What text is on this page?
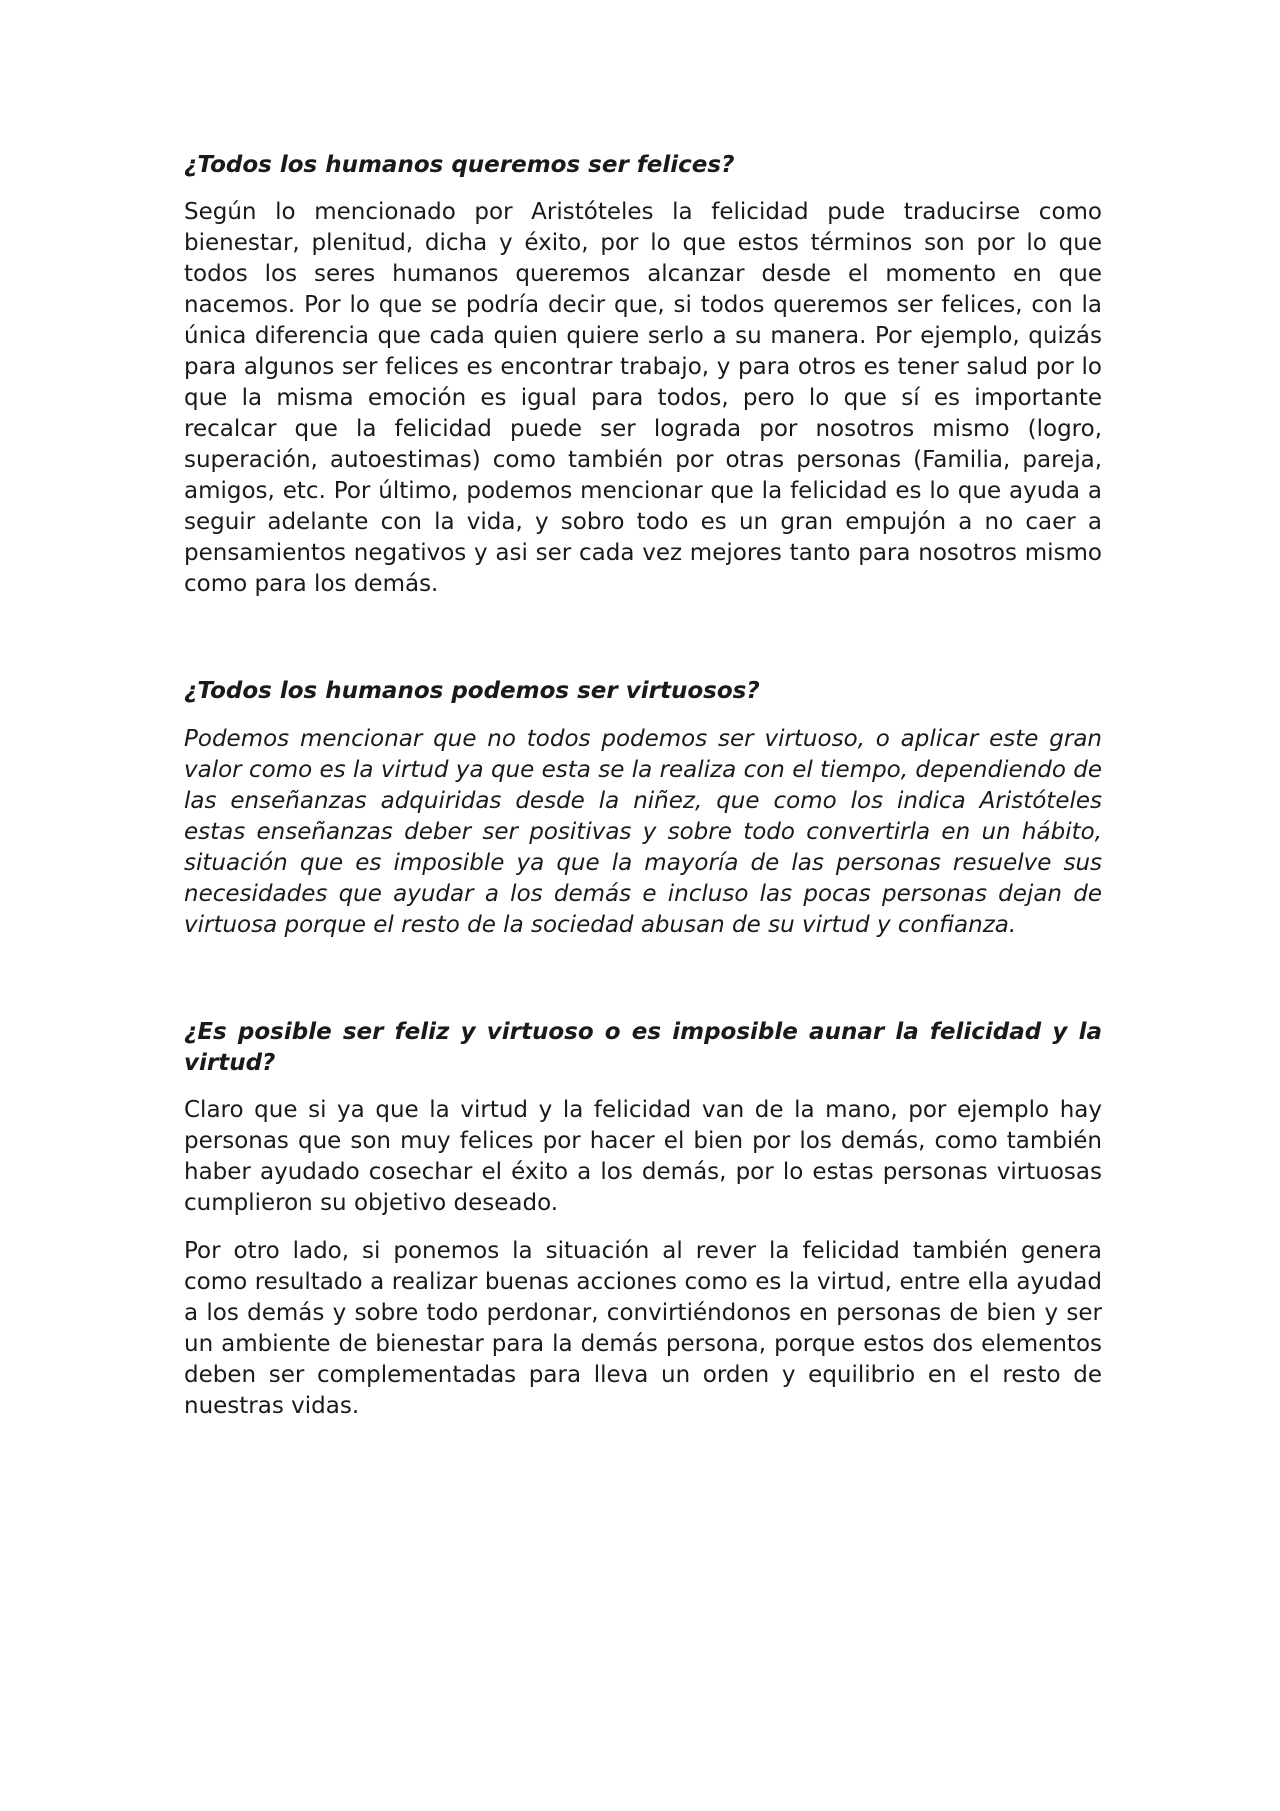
¿Todos los humanos queremos ser felices?

Según lo mencionado por Aristóteles la felicidad pude traducirse como bienestar, plenitud, dicha y éxito, por lo que estos términos son por lo que todos los seres humanos queremos alcanzar desde el momento en que nacemos. Por lo que se podría decir que, si todos queremos ser felices, con la única diferencia que cada quien quiere serlo a su manera. Por ejemplo, quizás para algunos ser felices es encontrar trabajo, y para otros es tener salud por lo que la misma emoción es igual para todos, pero lo que sí es importante recalcar que la felicidad puede ser lograda por nosotros mismo (logro, superación, autoestimas) como también por otras personas (Familia, pareja, amigos, etc. Por último, podemos mencionar que la felicidad es lo que ayuda a seguir adelante con la vida, y sobro todo es un gran empujón a no caer a pensamientos negativos y asi ser cada vez mejores tanto para nosotros mismo como para los demás.

¿Todos los humanos podemos ser virtuosos?

Podemos mencionar que no todos podemos ser virtuoso, o aplicar este gran valor como es la virtud ya que esta se la realiza con el tiempo, dependiendo de las enseñanzas adquiridas desde la niñez, que como los indica Aristóteles estas enseñanzas deber ser positivas y sobre todo convertirla en un hábito, situación que es imposible ya que la mayoría de las personas resuelve sus necesidades que ayudar a los demás e incluso las pocas personas dejan de virtuosa porque el resto de la sociedad abusan de su virtud y confianza.

¿Es posible ser feliz y virtuoso o es imposible aunar la felicidad y la virtud?

Claro que si ya que la virtud y la felicidad van de la mano, por ejemplo hay personas que son muy felices por hacer el bien por los demás, como también haber ayudado cosechar el éxito a los demás, por lo estas personas virtuosas cumplieron su objetivo deseado.

Por otro lado, si ponemos la situación al rever la felicidad también genera como resultado a realizar buenas acciones como es la virtud, entre ella ayudad a los demás y sobre todo perdonar, convirtiéndonos en personas de bien y ser un ambiente de bienestar para la demás persona, porque estos dos elementos deben ser complementadas para lleva un orden y equilibrio en el resto de nuestras vidas.
